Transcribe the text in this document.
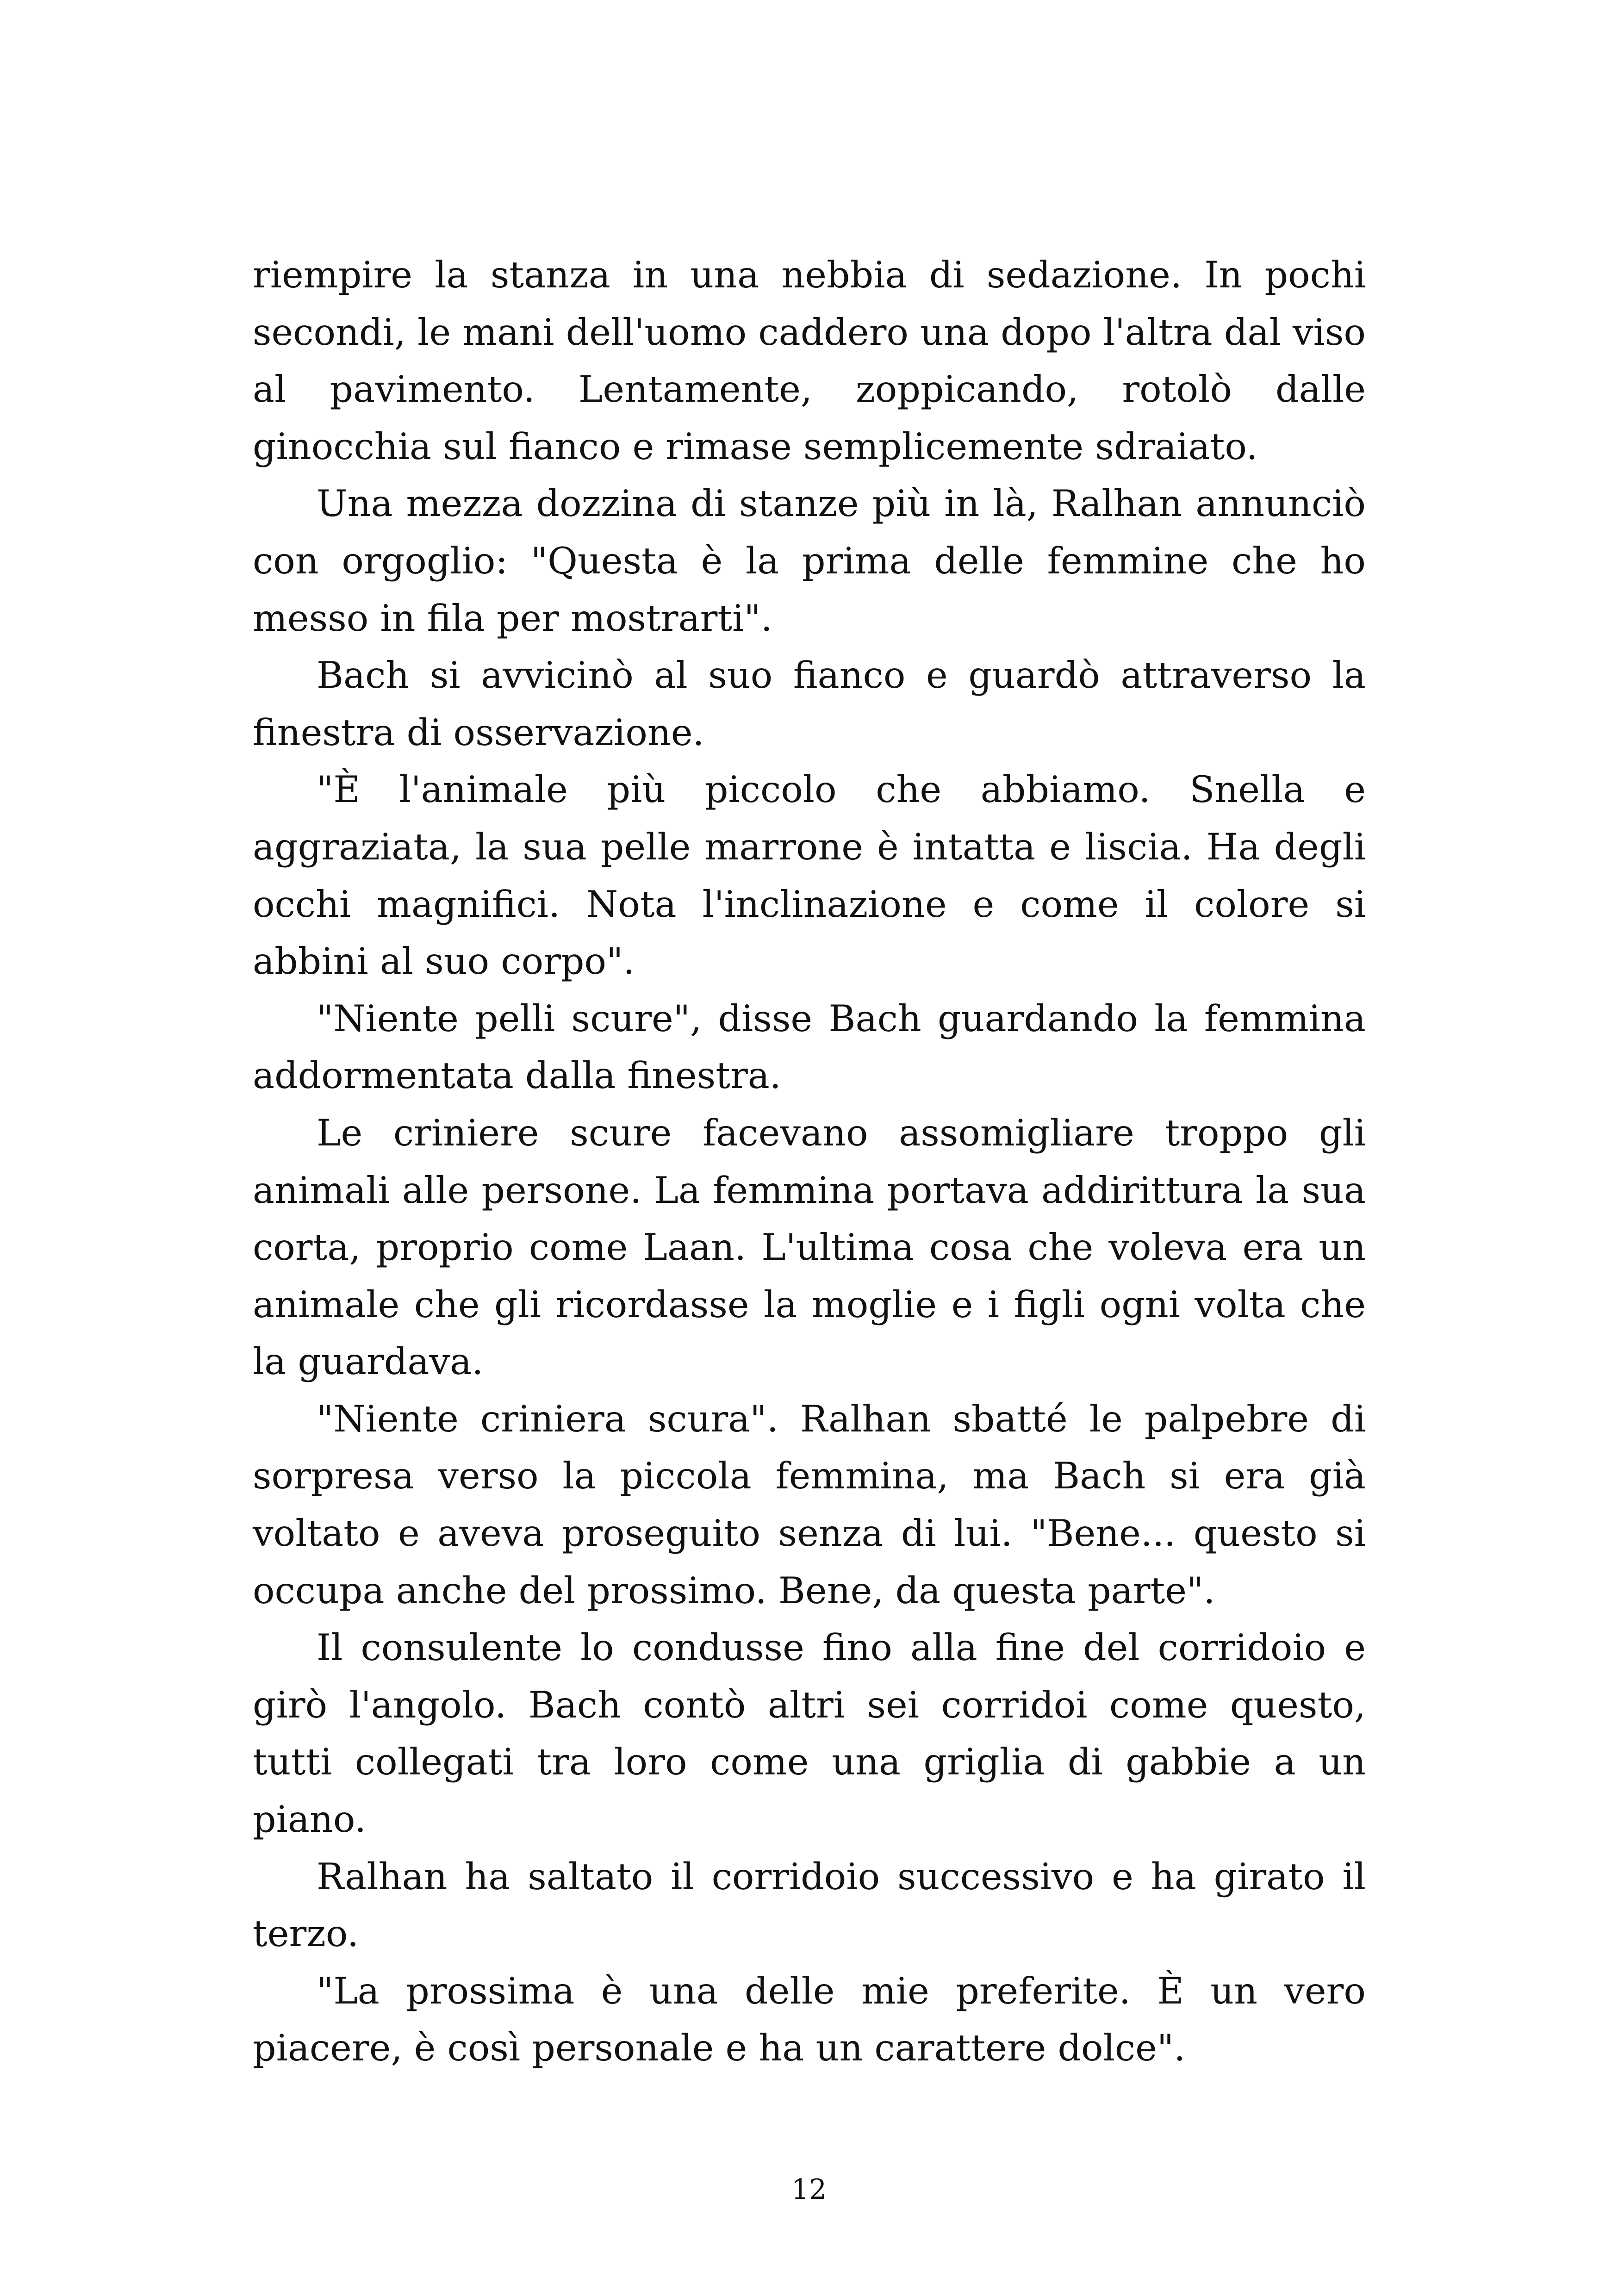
riempire la stanza in una nebbia di sedazione. In pochi secondi, le mani dell'uomo caddero una dopo l'altra dal viso al pavimento. Lentamente, zoppicando, rotolò dalle ginocchia sul fianco e rimase semplicemente sdraiato.

Una mezza dozzina di stanze più in là, Ralhan annunciò con orgoglio: "Questa è la prima delle femmine che ho messo in fila per mostrarti".

Bach si avvicinò al suo fianco e guardò attraverso la finestra di osservazione.

"È l'animale più piccolo che abbiamo. Snella e aggraziata, la sua pelle marrone è intatta e liscia. Ha degli occhi magnifici. Nota l'inclinazione e come il colore si abbini al suo corpo".

"Niente pelli scure", disse Bach guardando la femmina addormentata dalla finestra.

Le criniere scure facevano assomigliare troppo gli animali alle persone. La femmina portava addirittura la sua corta, proprio come Laan. L'ultima cosa che voleva era un animale che gli ricordasse la moglie e i figli ogni volta che la guardava.

"Niente criniera scura". Ralhan sbatté le palpebre di sorpresa verso la piccola femmina, ma Bach si era già voltato e aveva proseguito senza di lui. "Bene... questo si occupa anche del prossimo. Bene, da questa parte".

Il consulente lo condusse fino alla fine del corridoio e girò l'angolo. Bach contò altri sei corridoi come questo, tutti collegati tra loro come una griglia di gabbie a un piano.

Ralhan ha saltato il corridoio successivo e ha girato il terzo.

"La prossima è una delle mie preferite. È un vero piacere, è così personale e ha un carattere dolce".

12
